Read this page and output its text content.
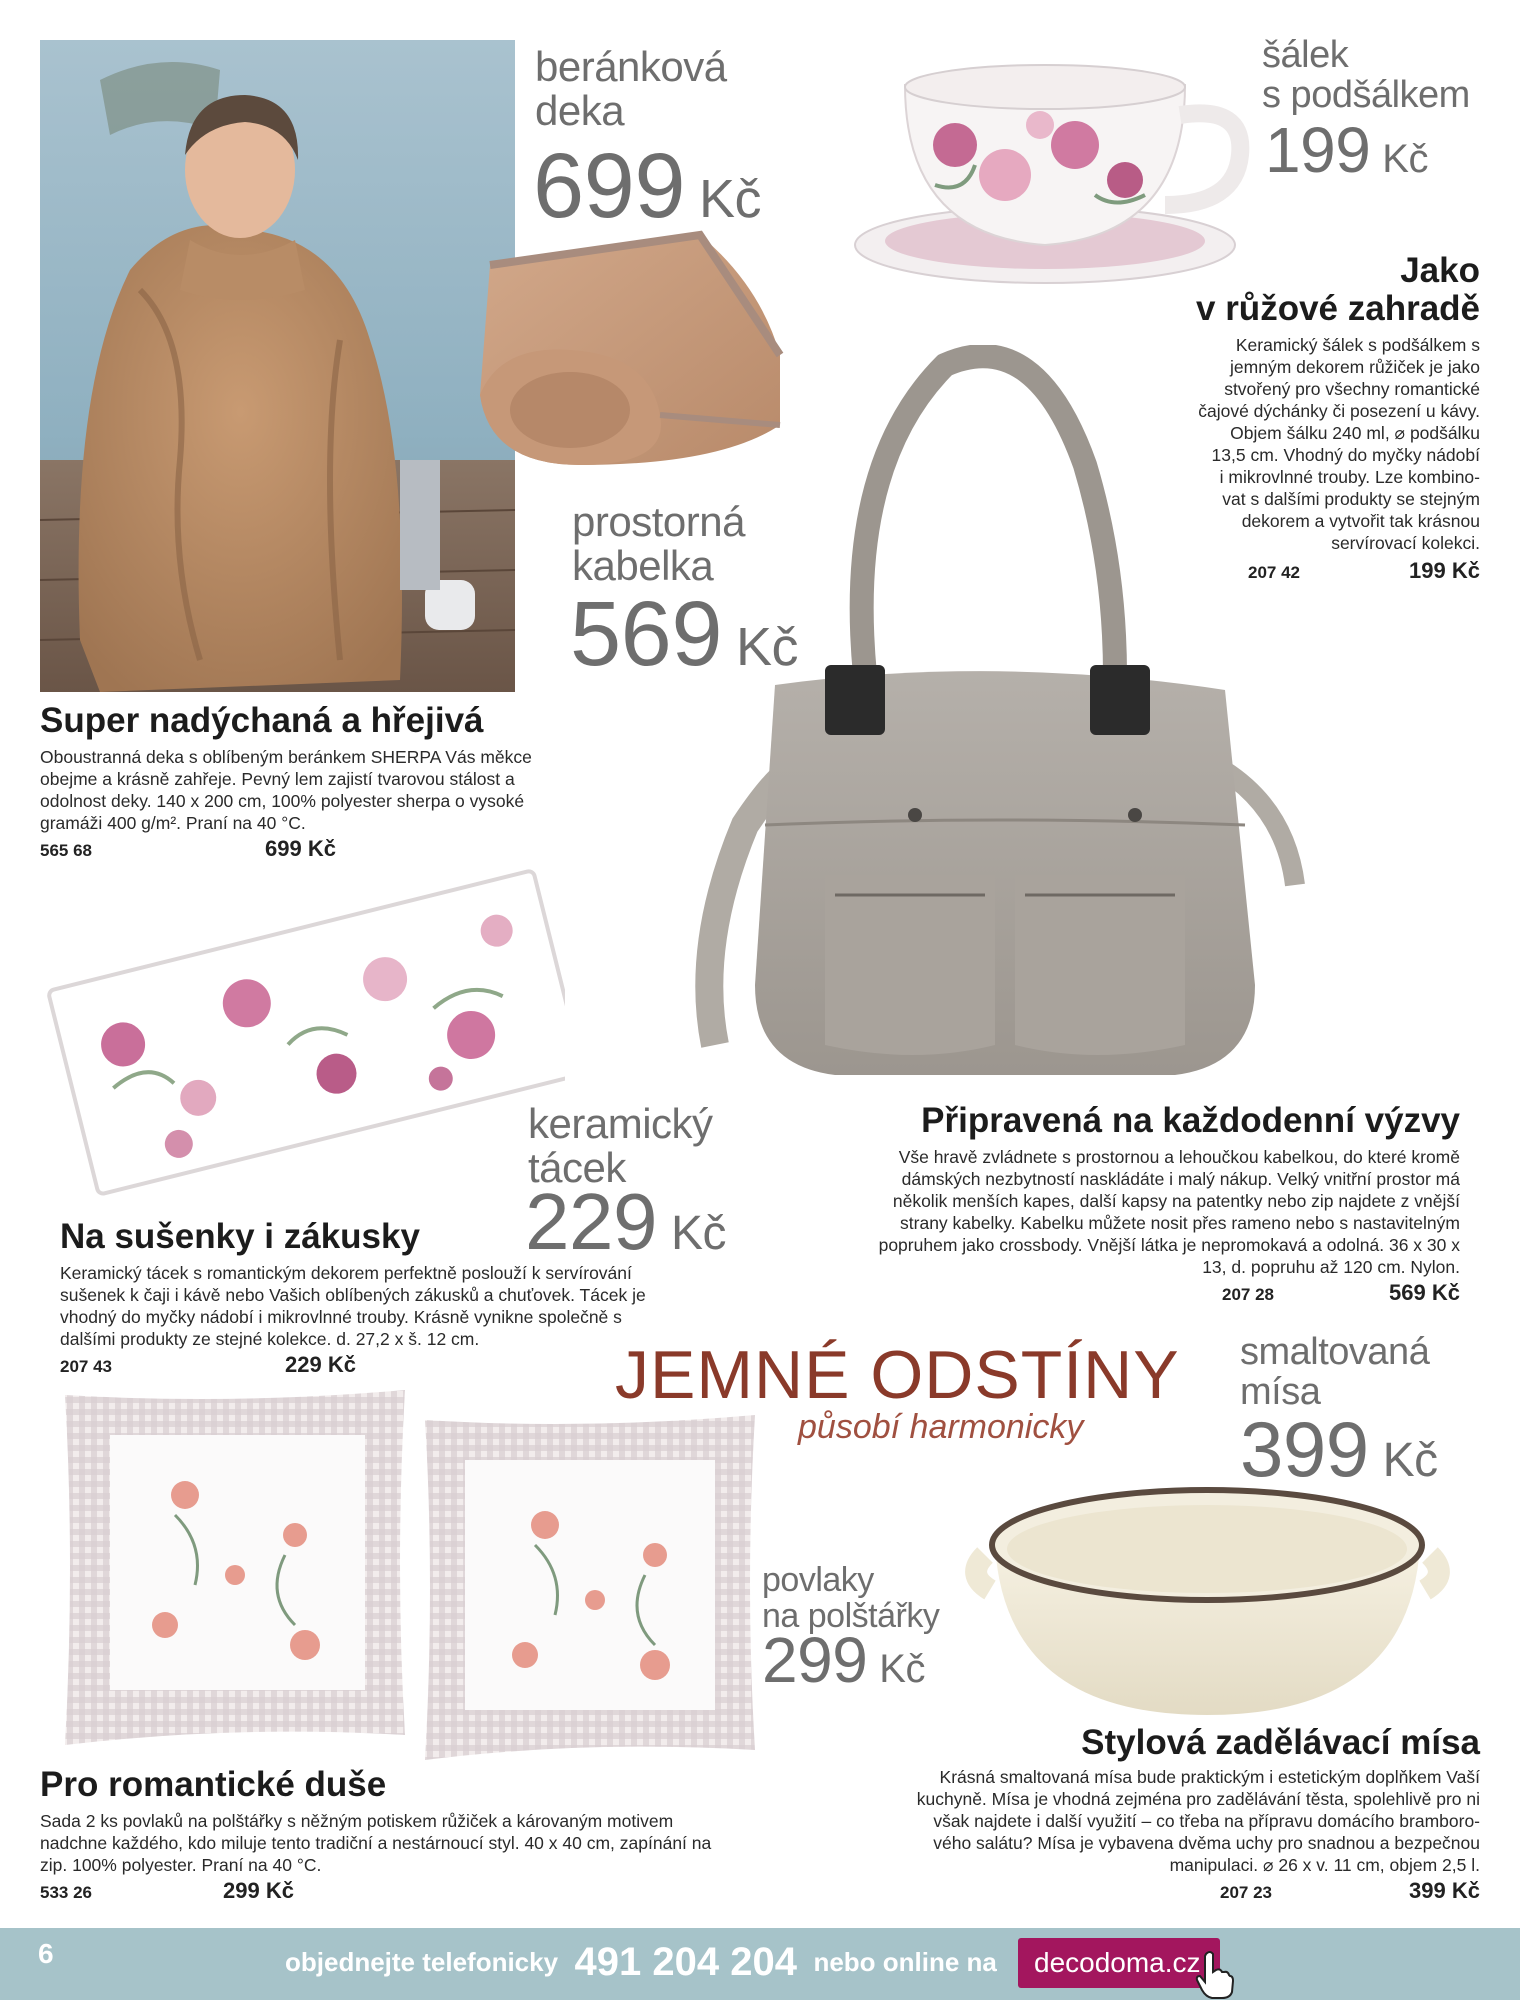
beránková
deka
699 Kč
Super nadýchaná a hřejivá
Oboustranná deka s oblíbeným beránkem SHERPA Vás měkce
obejme a krásně zahřeje. Pevný lem zajistí tvarovou stálost a
odolnost deky. 140 x 200 cm, 100% polyester sherpa o vysoké
gramáži 400 g/m². Praní na 40 °C.
565 68	699 Kč
šálek
s podšálkem
199 Kč
Jako
v růžové zahradě
Keramický šálek s podšálkem s
jemným dekorem růžiček je jako
stvořený pro všechny romantické
čajové dýchánky či posezení u kávy.
Objem šálku 240 ml, ⌀ podšálku
13,5 cm. Vhodný do myčky nádobí
i mikrovlnné trouby. Lze kombino-
vat s dalšími produkty se stejným
dekorem a vytvořit tak krásnou
servírovací kolekci.
207 42	199 Kč
prostorná
kabelka
569 Kč
Připravená na každodenní výzvy
Vše hravě zvládnete s prostornou a lehoučkou kabelkou, do které kromě
dámských nezbytností naskládáte i malý nákup. Velký vnitřní prostor má
několik menších kapes, další kapsy na patentky nebo zip najdete z vnější
strany kabelky. Kabelku můžete nosit přes rameno nebo s nastavitelným
popruhem jako crossbody. Vnější látka je nepromokavá a odolná. 36 x 30 x
13, d. popruhu až 120 cm. Nylon.
207 28	569 Kč
keramický
tácek
229 Kč
Na sušenky i zákusky
Keramický tácek s romantickým dekorem perfektně poslouží k servírování
sušenek k čaji i kávě nebo Vašich oblíbených zákusků a chuťovek. Tácek je
vhodný do myčky nádobí i mikrovlnné trouby. Krásně vynikne společně s
dalšími produkty ze stejné kolekce. d. 27,2 x š. 12 cm.
207 43	229 Kč	JEMNÉ ODSTÍNY
působí harmonicky
smaltovaná
mísa
399 Kč
Stylová zadělávací mísa
Krásná smaltovaná mísa bude praktickým i estetickým doplňkem Vaší
kuchyně. Mísa je vhodná zejména pro zadělávání těsta, spolehlivě pro ni
však najdete i další využití – co třeba na přípravu domácího bramboro-
vého salátu? Mísa je vybavena dvěma uchy pro snadnou a bezpečnou
manipulaci. ⌀ 26 x v. 11 cm, objem 2,5 l.
207 23	399 Kč
povlaky
na polštářky
299 Kč
Pro romantické duše
Sada 2 ks povlaků na polštářky s něžným potiskem růžiček a károvaným motivem
nadchne každého, kdo miluje tento tradiční a nestárnoucí styl. 40 x 40 cm, zapínání na
zip. 100% polyester. Praní na 40 °C.
533 26	299 Kč
6	objednejte telefonicky 491 204 204 nebo online na decodoma.cz
